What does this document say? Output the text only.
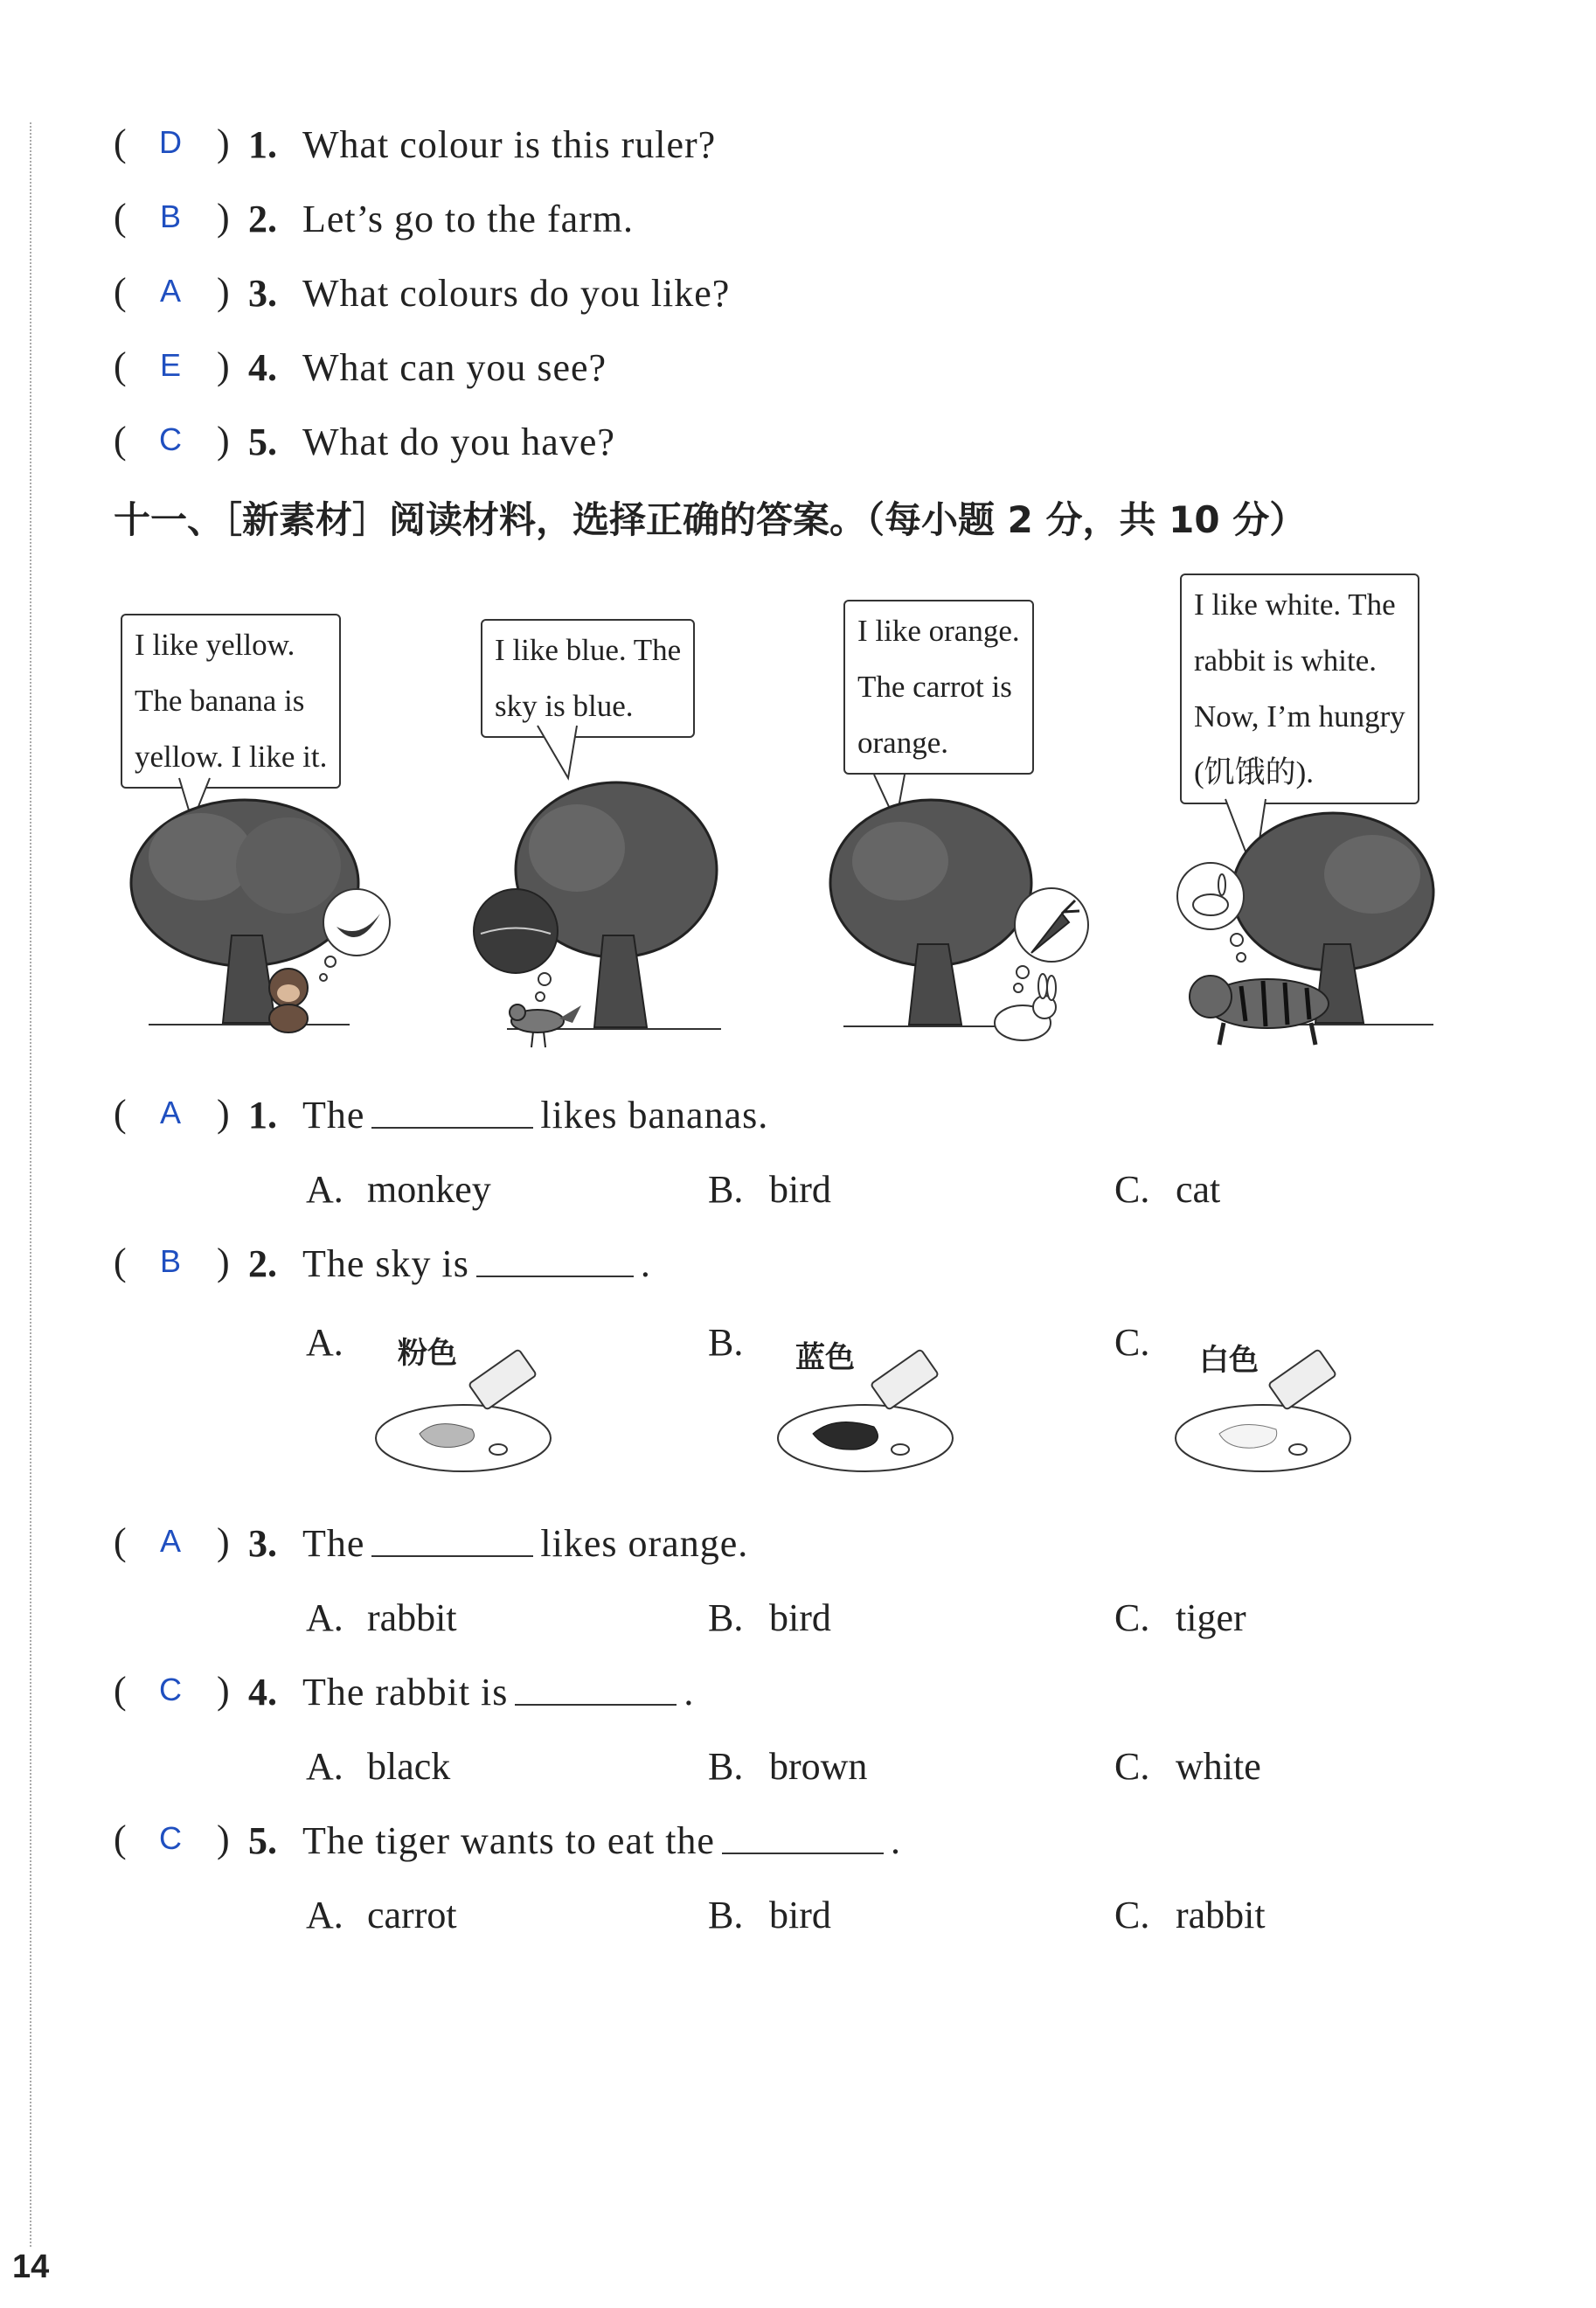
(	D ) 1. What colour is this ruler?
(	B ) 2. Let’s go to the farm.
(	A ) 3. What colours do you like?
(	E ) 4. What can you see?
(	C ) 5. What do you have?
十一、［新素材］阅读材料，选择正确的答案。（每小题 2 分，共 10 分）
I like yellow.
The banana is
yellow. I like it.
I like blue. The
sky is blue.
I like orange.
The carrot is
orange.
I like white. The
rabbit is white.
Now, I’m hungry
(饥饿的).
(	A ) 1. The	likes bananas.
A. monkey	B. bird	C. cat
(	B ) 2. The sky is	.
A.	粉色	B.	蓝色	C.	白色
(	A ) 3. The	likes orange.
A. rabbit	B. bird	C. tiger
(	C ) 4. The rabbit is	.
A. black	B. brown	C. white
(	C ) 5. The tiger wants to eat the	.
A. carrot	B. bird	C. rabbit
14
